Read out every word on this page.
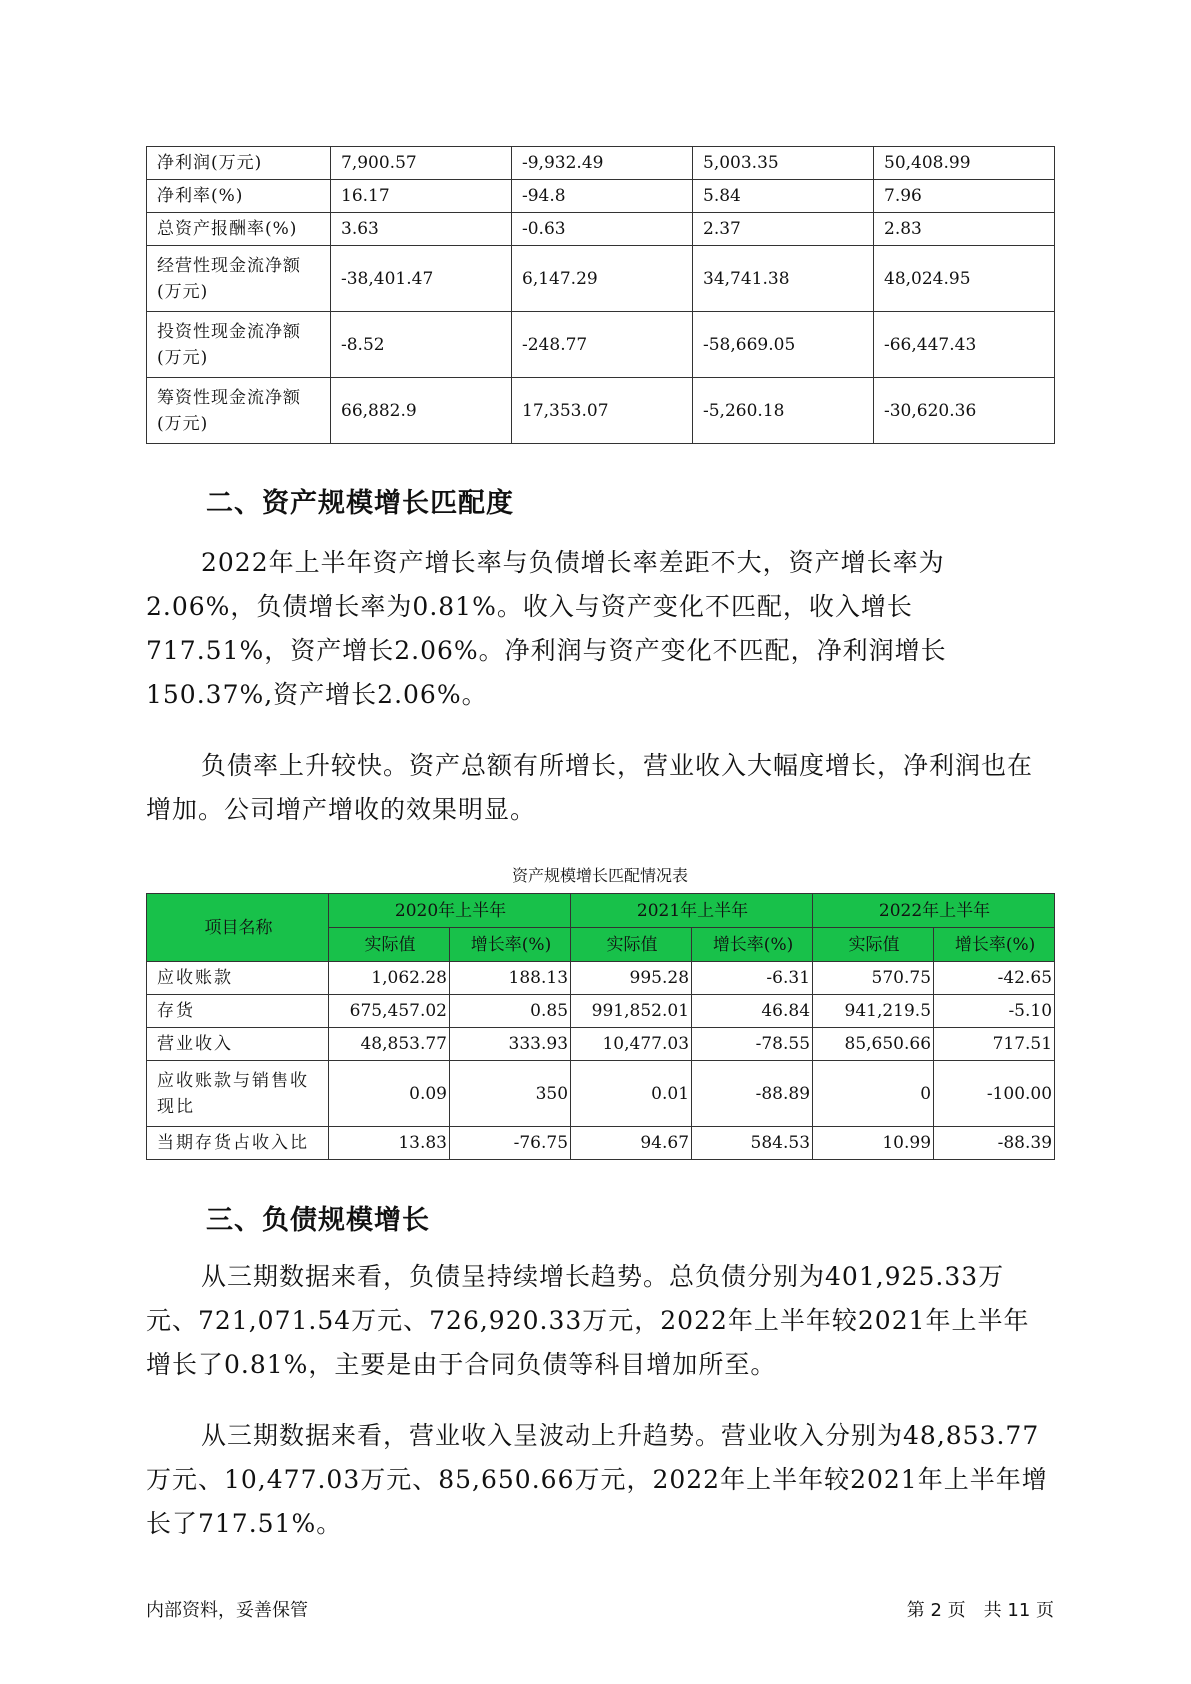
净利润(万元)	7,900.57	-9,932.49	5,003.35	50,408.99
净利率(%)	16.17	-94.8	5.84	7.96
总资产报酬率(%)	3.63	-0.63	2.37	2.83
经营性现金流净额(万元)	-38,401.47	6,147.29	34,741.38	48,024.95
投资性现金流净额(万元)	-8.52	-248.77	-58,669.05	-66,447.43
筹资性现金流净额(万元)	66,882.9	17,353.07	-5,260.18	-30,620.36
二、资产规模增长匹配度

2022年上半年资产增长率与负债增长率差距不大，资产增长率为2.06%，负债增长率为0.81%。收入与资产变化不匹配，收入增长717.51%，资产增长2.06%。净利润与资产变化不匹配，净利润增长150.37%,资产增长2.06%。

负债率上升较快。资产总额有所增长，营业收入大幅度增长，净利润也在增加。公司增产增收的效果明显。

资产规模增长匹配情况表
项目名称	2020年上半年		2021年上半年		2022年上半年	
	实际值	增长率(%)	实际值	增长率(%)	实际值	增长率(%)
应收账款	1,062.28	188.13	995.28	-6.31	570.75	-42.65
存货	675,457.02	0.85	991,852.01	46.84	941,219.5	-5.10
营业收入	48,853.77	333.93	10,477.03	-78.55	85,650.66	717.51
应收账款与销售收现比	0.09	350	0.01	-88.89	0	-100.00
当期存货占收入比	13.83	-76.75	94.67	584.53	10.99	-88.39
三、负债规模增长

从三期数据来看，负债呈持续增长趋势。总负债分别为401,925.33万元、721,071.54万元、726,920.33万元，2022年上半年较2021年上半年增长了0.81%，主要是由于合同负债等科目增加所至。

从三期数据来看，营业收入呈波动上升趋势。营业收入分别为48,853.77万元、10,477.03万元、85,650.66万元，2022年上半年较2021年上半年增长了717.51%。

内部资料，妥善保管	第 2 页　共 11 页
